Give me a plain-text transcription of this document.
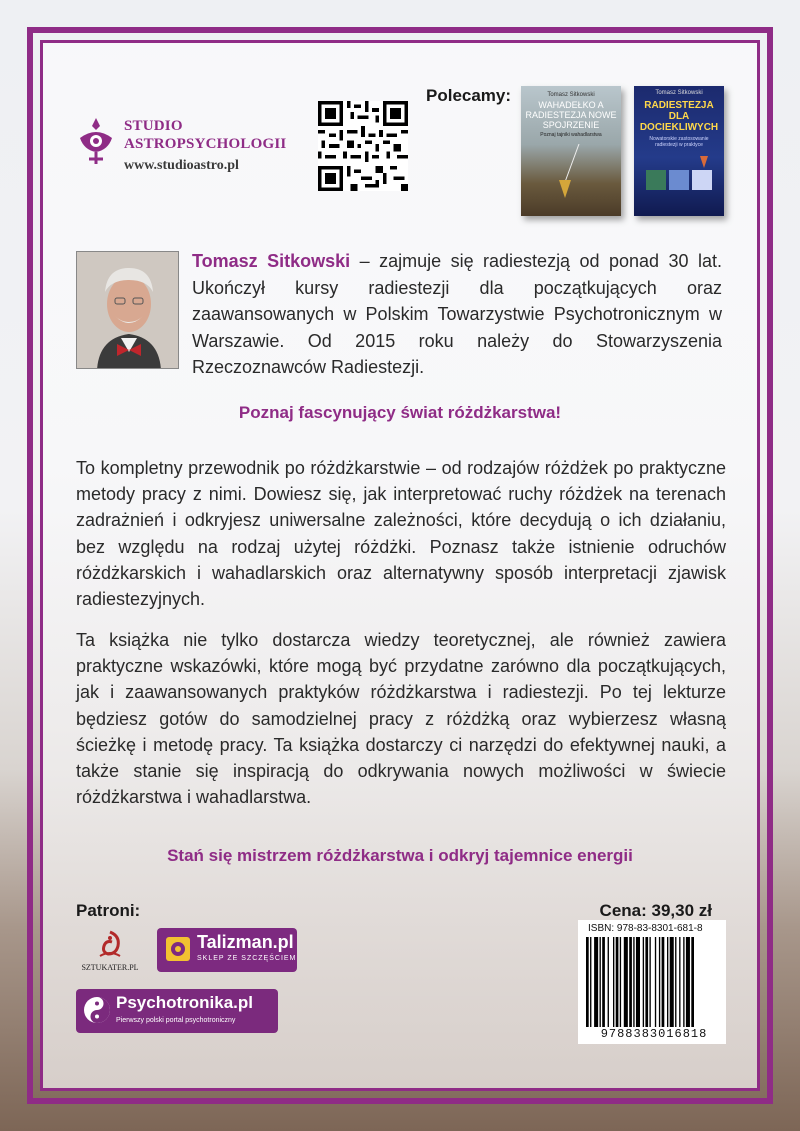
STUDIO
ASTROPSYCHOLOGII
www.studioastro.pl
Polecamy:	Tomasz Sitkowski
WAHADEŁKO A RADIESTEZJA NOWE SPOJRZENIE
Poznaj tajniki wahadlarstwa
Tomasz Sitkowski
RADIESTEZJA DLA DOCIEKLIWYCH
Nowatorskie zastosowanie radiestezji w praktyce

Tomasz Sitkowski – zajmuje się radiestezją od ponad 30 lat. Ukończył kursy radiestezji dla początkujących oraz zaawansowanych w Polskim Towarzystwie Psychotronicznym w Warszawie. Od 2015 roku należy do Stowarzyszenia Rzeczoznawców Radiestezji.

Poznaj fascynujący świat różdżkarstwa!

To kompletny przewodnik po różdżkarstwie – od rodzajów różdżek po praktyczne metody pracy z nimi. Dowiesz się, jak interpretować ruchy różdżek na terenach zadrażnień i odkryjesz uniwersalne zależności, które decydują o ich działaniu, bez względu na rodzaj użytej różdżki. Poznasz także istnienie odruchów różdżkarskich i wahadlarskich oraz alternatywny sposób interpretacji zjawisk radiestezyjnych.

Ta książka nie tylko dostarcza wiedzy teoretycznej, ale również zawiera praktyczne wskazówki, które mogą być przydatne zarówno dla początkujących, jak i zaawansowanych praktyków różdżkarstwa i radiestezji. Po tej lekturze będziesz gotów do samodzielnej pracy z różdżką oraz wybierzesz własną ścieżkę i metodę pracy. Ta książka dostarczy ci narzędzi do efektywnej nauki, a także stanie się inspiracją do odkrywania nowych możliwości w świecie różdżkarstwa i wahadlarstwa.

Stań się mistrzem różdżkarstwa i odkryj tajemnice energii
Patroni:
SZTUKATER.PL
Talizman.pl
SKLEP ZE SZCZĘŚCIEM
Psychotronika.pl
Pierwszy polski portal psychotroniczny
Cena: 39,30 zł
ISBN: 978-83-8301-681-8
9788383016818
